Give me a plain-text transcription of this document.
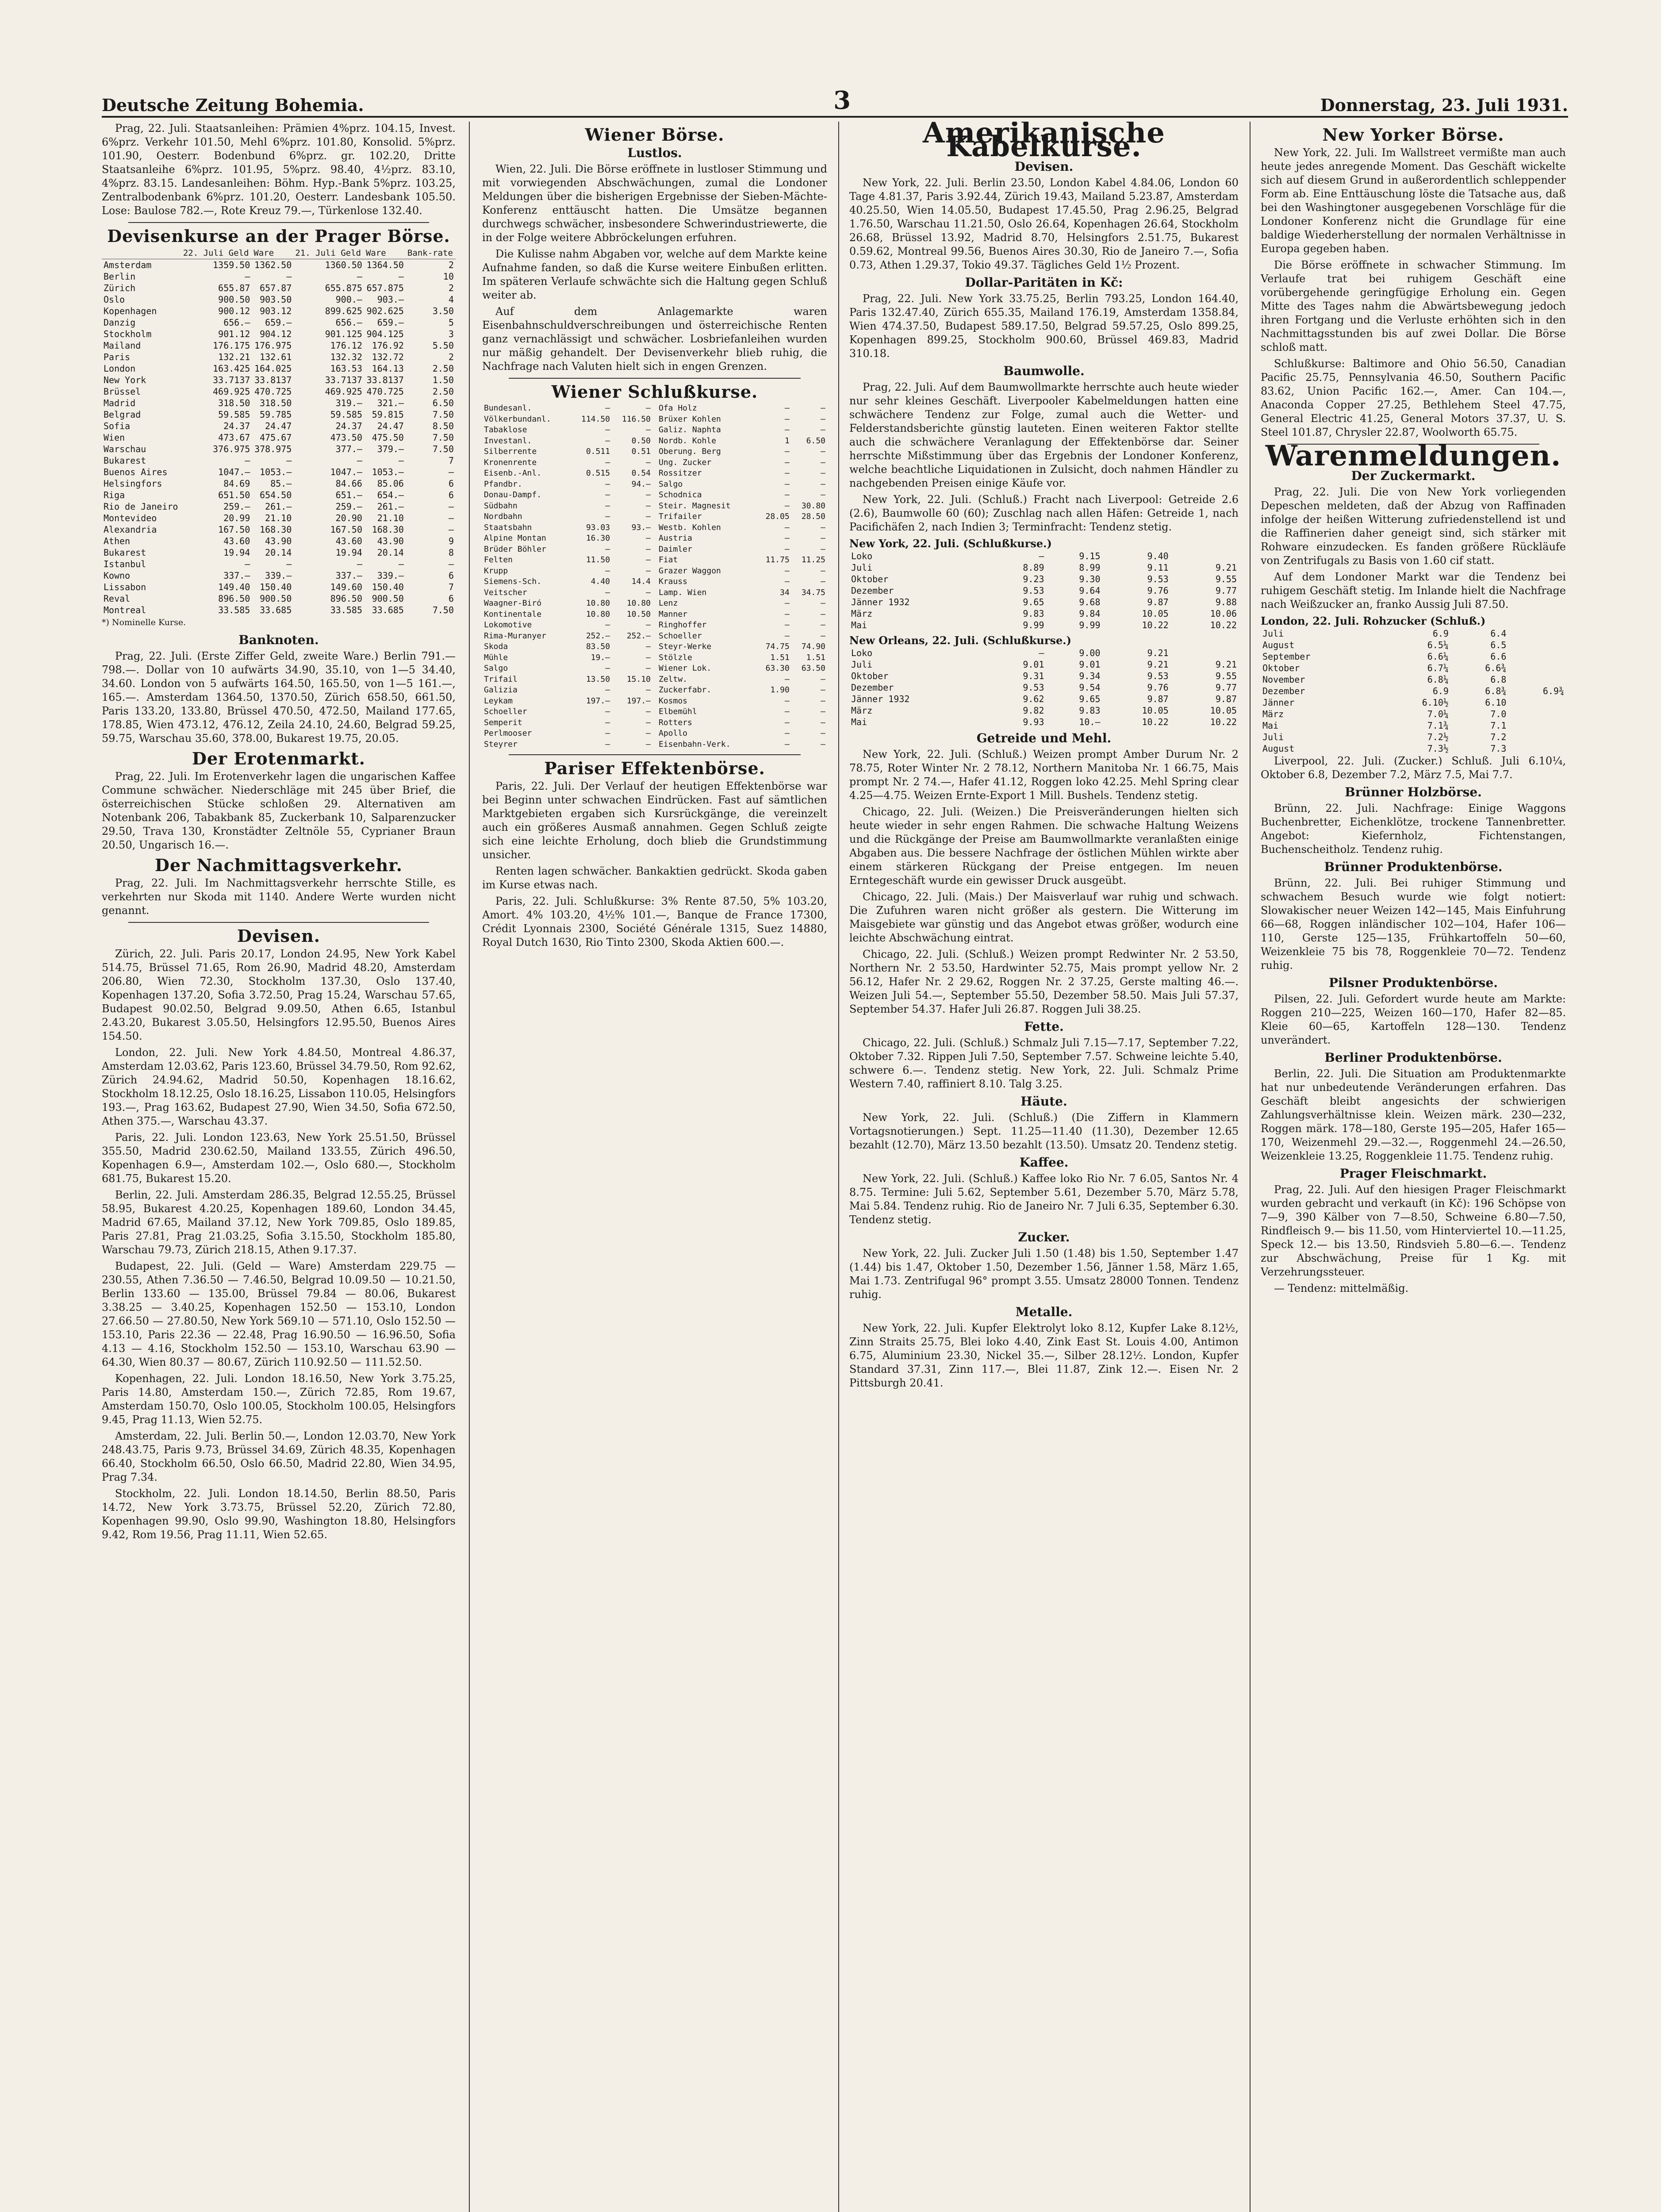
Deutsche Zeitung Bohemia.	3	Donnerstag, 23. Juli 1931.

Prag, 22. Juli. Staatsanleihen: Prämien 4%prz. 104.15, Invest. 6%prz. Verkehr 101.50, Mehl 6%prz. 101.80, Konsolid. 5%prz. 101.90, Oesterr. Bodenbund 6%prz. gr. 102.20, Dritte Staatsanleihe 6%prz. 101.95, 5%prz. 98.40, 4½prz. 83.10, 4%prz. 83.15. Landesanleihen: Böhm. Hyp.-Bank 5%prz. 103.25, Zentralbodenbank 6%prz. 101.20, Oesterr. Landesbank 105.50. Lose: Baulose 782.—, Rote Kreuz 79.—, Türkenlose 132.40.

Devisenkurse an der Prager Börse.
	22. Juli Geld	Ware	21. Juli Geld	Ware	Bank-rate
Amsterdam	1359.50	1362.50	1360.50	1364.50	2
Berlin	—	—	—	—	10
Zürich	655.87	657.87	655.875	657.875	2
Oslo	900.50	903.50	900.—	903.—	4
Kopenhagen	900.12	903.12	899.625	902.625	3.50
Danzig	656.—	659.—	656.—	659.—	5
Stockholm	901.12	904.12	901.125	904.125	3
Mailand	176.175	176.975	176.12	176.92	5.50
Paris	132.21	132.61	132.32	132.72	2
London	163.425	164.025	163.53	164.13	2.50
New York	33.7137	33.8137	33.7137	33.8137	1.50
Brüssel	469.925	470.725	469.925	470.725	2.50
Madrid	318.50	318.50	319.—	321.—	6.50
Belgrad	59.585	59.785	59.585	59.815	7.50
Sofia	24.37	24.47	24.37	24.47	8.50
Wien	473.67	475.67	473.50	475.50	7.50
Warschau	376.975	378.975	377.—	379.—	7.50
Bukarest	—	—	—	—	7
Buenos Aires	1047.—	1053.—	1047.—	1053.—	—
Helsingfors	84.69	85.—	84.66	85.06	6
Riga	651.50	654.50	651.—	654.—	6
Rio de Janeiro	259.—	261.—	259.—	261.—	—
Montevideo	20.99	21.10	20.90	21.10	—
Alexandria	167.50	168.30	167.50	168.30	—
Athen	43.60	43.90	43.60	43.90	9
Bukarest	19.94	20.14	19.94	20.14	8
Istanbul	—	—	—	—	—
Kowno	337.—	339.—	337.—	339.—	6
Lissabon	149.40	150.40	149.60	150.40	7
Reval	896.50	900.50	896.50	900.50	6
Montreal	33.585	33.685	33.585	33.685	7.50
*) Nominelle Kurse.
Banknoten.

Prag, 22. Juli. (Erste Ziffer Geld, zweite Ware.) Berlin 791.— 798.—. Dollar von 10 aufwärts 34.90, 35.10, von 1—5 34.40, 34.60. London von 5 aufwärts 164.50, 165.50, von 1—5 161.—, 165.—. Amsterdam 1364.50, 1370.50, Zürich 658.50, 661.50, Paris 133.20, 133.80, Brüssel 470.50, 472.50, Mailand 177.65, 178.85, Wien 473.12, 476.12, Zeila 24.10, 24.60, Belgrad 59.25, 59.75, Warschau 35.60, 378.00, Bukarest 19.75, 20.05.

Der Erotenmarkt.

Prag, 22. Juli. Im Erotenverkehr lagen die ungarischen Kaffee Commune schwächer. Niederschläge mit 245 über Brief, die österreichischen Stücke schloßen 29. Alternativen am Notenbank 206, Tabakbank 85, Zuckerbank 10, Salparenzucker 29.50, Trava 130, Kronstädter Zeltnöle 55, Cyprianer Braun 20.50, Ungarisch 16.—.

Der Nachmittagsverkehr.

Prag, 22. Juli. Im Nachmittagsverkehr herrschte Stille, es verkehrten nur Skoda mit 1140. Andere Werte wurden nicht genannt.

Devisen.

Zürich, 22. Juli. Paris 20.17, London 24.95, New York Kabel 514.75, Brüssel 71.65, Rom 26.90, Madrid 48.20, Amsterdam 206.80, Wien 72.30, Stockholm 137.30, Oslo 137.40, Kopenhagen 137.20, Sofia 3.72.50, Prag 15.24, Warschau 57.65, Budapest 90.02.50, Belgrad 9.09.50, Athen 6.65, Istanbul 2.43.20, Bukarest 3.05.50, Helsingfors 12.95.50, Buenos Aires 154.50.

London, 22. Juli. New York 4.84.50, Montreal 4.86.37, Amsterdam 12.03.62, Paris 123.60, Brüssel 34.79.50, Rom 92.62, Zürich 24.94.62, Madrid 50.50, Kopenhagen 18.16.62, Stockholm 18.12.25, Oslo 18.16.25, Lissabon 110.05, Helsingfors 193.—, Prag 163.62, Budapest 27.90, Wien 34.50, Sofia 672.50, Athen 375.—, Warschau 43.37.

Paris, 22. Juli. London 123.63, New York 25.51.50, Brüssel 355.50, Madrid 230.62.50, Mailand 133.55, Zürich 496.50, Kopenhagen 6.9—, Amsterdam 102.—, Oslo 680.—, Stockholm 681.75, Bukarest 15.20.

Berlin, 22. Juli. Amsterdam 286.35, Belgrad 12.55.25, Brüssel 58.95, Bukarest 4.20.25, Kopenhagen 189.60, London 34.45, Madrid 67.65, Mailand 37.12, New York 709.85, Oslo 189.85, Paris 27.81, Prag 21.03.25, Sofia 3.15.50, Stockholm 185.80, Warschau 79.73, Zürich 218.15, Athen 9.17.37.

Budapest, 22. Juli. (Geld — Ware) Amsterdam 229.75 — 230.55, Athen 7.36.50 — 7.46.50, Belgrad 10.09.50 — 10.21.50, Berlin 133.60 — 135.00, Brüssel 79.84 — 80.06, Bukarest 3.38.25 — 3.40.25, Kopenhagen 152.50 — 153.10, London 27.66.50 — 27.80.50, New York 569.10 — 571.10, Oslo 152.50 — 153.10, Paris 22.36 — 22.48, Prag 16.90.50 — 16.96.50, Sofia 4.13 — 4.16, Stockholm 152.50 — 153.10, Warschau 63.90 — 64.30, Wien 80.37 — 80.67, Zürich 110.92.50 — 111.52.50.

Kopenhagen, 22. Juli. London 18.16.50, New York 3.75.25, Paris 14.80, Amsterdam 150.—, Zürich 72.85, Rom 19.67, Amsterdam 150.70, Oslo 100.05, Stockholm 100.05, Helsingfors 9.45, Prag 11.13, Wien 52.75.

Amsterdam, 22. Juli. Berlin 50.—, London 12.03.70, New York 248.43.75, Paris 9.73, Brüssel 34.69, Zürich 48.35, Kopenhagen 66.40, Stockholm 66.50, Oslo 66.50, Madrid 22.80, Wien 34.95, Prag 7.34.

Stockholm, 22. Juli. London 18.14.50, Berlin 88.50, Paris 14.72, New York 3.73.75, Brüssel 52.20, Zürich 72.80, Kopenhagen 99.90, Oslo 99.90, Washington 18.80, Helsingfors 9.42, Rom 19.56, Prag 11.11, Wien 52.65.

Wiener Börse.
Lustlos.

Wien, 22. Juli. Die Börse eröffnete in lustloser Stimmung und mit vorwiegenden Abschwächungen, zumal die Londoner Meldungen über die bisherigen Ergebnisse der Sieben-Mächte-Konferenz enttäuscht hatten. Die Umsätze begannen durchwegs schwächer, insbesondere Schwerindustriewerte, die in der Folge weitere Abbröckelungen erfuhren.

Die Kulisse nahm Abgaben vor, welche auf dem Markte keine Aufnahme fanden, so daß die Kurse weitere Einbußen erlitten. Im späteren Verlaufe schwächte sich die Haltung gegen Schluß weiter ab.

Auf dem Anlagemarkte waren Eisenbahnschuldverschreibungen und österreichische Renten ganz vernachlässigt und schwächer. Losbriefanleihen wurden nur mäßig gehandelt. Der Devisenverkehr blieb ruhig, die Nachfrage nach Valuten hielt sich in engen Grenzen.

Wiener Schlußkurse.
Bundesanl.	—	—
Völkerbundanl.	114.50	116.50
Tabaklose	—	—
Investanl.	—	0.50
Silberrente	0.511	0.51
Kronenrente	—	—
Eisenb.-Anl.	0.515	0.54
Pfandbr.	—	94.—
Donau-Dampf.	—	—
Südbahn	—	—
Nordbahn	—	—
Staatsbahn	93.03	93.—
Alpine Montan	16.30	—
Brüder Böhler	—	—
Felten	11.50	—
Krupp	—	—
Siemens-Sch.	4.40	14.4
Veitscher	—	—
Waagner-Biró	10.80	10.80
Kontinentale	10.80	10.50
Lokomotive	—	—
Rima-Muranyer	252.—	252.—
Skoda	83.50	—
Mühle	19.—	—
Salgo	—	—
Trifail	13.50	15.10
Galizia	—	—
Leykam	197.—	197.—
Schoeller	—	—
Semperit	—	—
Perlmooser	—	—
Steyrer	—	—
Ofa Holz	—	—
Brüxer Kohlen	—	—
Galiz. Naphta	—	—
Nordb. Kohle	1	6.50
Oberung. Berg	—	—
Ung. Zucker	—	—
Rossitzer	—	—
Salgo	—	—
Schodnica	—	—
Steir. Magnesit	—	30.80
Trifailer	28.05	28.50
Westb. Kohlen	—	—
Austria	—	—
Daimler	—	—
Fiat	11.75	11.25
Grazer Waggon	—	—
Krauss	—	—
Lamp. Wien	34	34.75
Lenz	—	—
Manner	—	—
Ringhoffer	—	—
Schoeller	—	—
Steyr-Werke	74.75	74.90
Stölzle	1.51	1.51
Wiener Lok.	63.30	63.50
Zeltw.	—	—
Zuckerfabr.	1.90	—
Kosmos	—	—
Elbemühl	—	—
Rotters	—	—
Apollo	—	—
Eisenbahn-Verk.	—	—
Pariser Effektenbörse.

Paris, 22. Juli. Der Verlauf der heutigen Effektenbörse war bei Beginn unter schwachen Eindrücken. Fast auf sämtlichen Marktgebieten ergaben sich Kursrückgänge, die vereinzelt auch ein größeres Ausmaß annahmen. Gegen Schluß zeigte sich eine leichte Erholung, doch blieb die Grundstimmung unsicher.

Renten lagen schwächer. Bankaktien gedrückt. Skoda gaben im Kurse etwas nach.

Paris, 22. Juli. Schlußkurse: 3% Rente 87.50, 5% 103.20, Amort. 4% 103.20, 4½% 101.—, Banque de France 17300, Crédit Lyonnais 2300, Société Générale 1315, Suez 14880, Royal Dutch 1630, Rio Tinto 2300, Skoda Aktien 600.—.

Amerikanische Kabelkurse.
Devisen.

New York, 22. Juli. Berlin 23.50, London Kabel 4.84.06, London 60 Tage 4.81.37, Paris 3.92.44, Zürich 19.43, Mailand 5.23.87, Amsterdam 40.25.50, Wien 14.05.50, Budapest 17.45.50, Prag 2.96.25, Belgrad 1.76.50, Warschau 11.21.50, Oslo 26.64, Kopenhagen 26.64, Stockholm 26.68, Brüssel 13.92, Madrid 8.70, Helsingfors 2.51.75, Bukarest 0.59.62, Montreal 99.56, Buenos Aires 30.30, Rio de Janeiro 7.—, Sofia 0.73, Athen 1.29.37, Tokio 49.37. Tägliches Geld 1½ Prozent.

Dollar-Paritäten in Kč:

Prag, 22. Juli. New York 33.75.25, Berlin 793.25, London 164.40, Paris 132.47.40, Zürich 655.35, Mailand 176.19, Amsterdam 1358.84, Wien 474.37.50, Budapest 589.17.50, Belgrad 59.57.25, Oslo 899.25, Kopenhagen 899.25, Stockholm 900.60, Brüssel 469.83, Madrid 310.18.

Baumwolle.

Prag, 22. Juli. Auf dem Baumwollmarkte herrschte auch heute wieder nur sehr kleines Geschäft. Liverpooler Kabelmeldungen hatten eine schwächere Tendenz zur Folge, zumal auch die Wetter- und Felderstandsberichte günstig lauteten. Einen weiteren Faktor stellte auch die schwächere Veranlagung der Effektenbörse dar. Seiner herrschte Mißstimmung über das Ergebnis der Londoner Konferenz, welche beachtliche Liquidationen in Zulsicht, doch nahmen Händler zu nachgebenden Preisen einige Käufe vor.

New York, 22. Juli. (Schluß.) Fracht nach Liverpool: Getreide 2.6 (2.6), Baumwolle 60 (60); Zuschlag nach allen Häfen: Getreide 1, nach Pacifichäfen 2, nach Indien 3; Terminfracht: Tendenz stetig.

New York, 22. Juli. (Schlußkurse.)
Loko	—	9.15	9.40	
Juli	8.89	8.99	9.11	9.21
Oktober	9.23	9.30	9.53	9.55
Dezember	9.53	9.64	9.76	9.77
Jänner 1932	9.65	9.68	9.87	9.88
März	9.83	9.84	10.05	10.06
Mai	9.99	9.99	10.22	10.22
New Orleans, 22. Juli. (Schlußkurse.)
Loko	—	9.00	9.21	
Juli	9.01	9.01	9.21	9.21
Oktober	9.31	9.34	9.53	9.55
Dezember	9.53	9.54	9.76	9.77
Jänner 1932	9.62	9.65	9.87	9.87
März	9.82	9.83	10.05	10.05
Mai	9.93	10.—	10.22	10.22
Getreide und Mehl.

New York, 22. Juli. (Schluß.) Weizen prompt Amber Durum Nr. 2 78.75, Roter Winter Nr. 2 78.12, Northern Manitoba Nr. 1 66.75, Mais prompt Nr. 2 74.—, Hafer 41.12, Roggen loko 42.25. Mehl Spring clear 4.25—4.75. Weizen Ernte-Export 1 Mill. Bushels. Tendenz stetig.

Chicago, 22. Juli. (Weizen.) Die Preisveränderungen hielten sich heute wieder in sehr engen Rahmen. Die schwache Haltung Weizens und die Rückgänge der Preise am Baumwollmarkte veranlaßten einige Abgaben aus. Die bessere Nachfrage der östlichen Mühlen wirkte aber einem stärkeren Rückgang der Preise entgegen. Im neuen Erntegeschäft wurde ein gewisser Druck ausgeübt.

Chicago, 22. Juli. (Mais.) Der Maisverlauf war ruhig und schwach. Die Zufuhren waren nicht größer als gestern. Die Witterung im Maisgebiete war günstig und das Angebot etwas größer, wodurch eine leichte Abschwächung eintrat.

Chicago, 22. Juli. (Schluß.) Weizen prompt Redwinter Nr. 2 53.50, Northern Nr. 2 53.50, Hardwinter 52.75, Mais prompt yellow Nr. 2 56.12, Hafer Nr. 2 29.62, Roggen Nr. 2 37.25, Gerste malting 46.—. Weizen Juli 54.—, September 55.50, Dezember 58.50. Mais Juli 57.37, September 54.37. Hafer Juli 26.87. Roggen Juli 38.25.

Fette.

Chicago, 22. Juli. (Schluß.) Schmalz Juli 7.15—7.17, September 7.22, Oktober 7.32. Rippen Juli 7.50, September 7.57. Schweine leichte 5.40, schwere 6.—. Tendenz stetig. New York, 22. Juli. Schmalz Prime Western 7.40, raffiniert 8.10. Talg 3.25.

Häute.

New York, 22. Juli. (Schluß.) (Die Ziffern in Klammern Vortagsnotierungen.) Sept. 11.25—11.40 (11.30), Dezember 12.65 bezahlt (12.70), März 13.50 bezahlt (13.50). Umsatz 20. Tendenz stetig.

Kaffee.

New York, 22. Juli. (Schluß.) Kaffee loko Rio Nr. 7 6.05, Santos Nr. 4 8.75. Termine: Juli 5.62, September 5.61, Dezember 5.70, März 5.78, Mai 5.84. Tendenz ruhig. Rio de Janeiro Nr. 7 Juli 6.35, September 6.30. Tendenz stetig.

Zucker.

New York, 22. Juli. Zucker Juli 1.50 (1.48) bis 1.50, September 1.47 (1.44) bis 1.47, Oktober 1.50, Dezember 1.56, Jänner 1.58, März 1.65, Mai 1.73. Zentrifugal 96° prompt 3.55. Umsatz 28000 Tonnen. Tendenz ruhig.

Metalle.

New York, 22. Juli. Kupfer Elektrolyt loko 8.12, Kupfer Lake 8.12½, Zinn Straits 25.75, Blei loko 4.40, Zink East St. Louis 4.00, Antimon 6.75, Aluminium 23.30, Nickel 35.—, Silber 28.12½. London, Kupfer Standard 37.31, Zinn 117.—, Blei 11.87, Zink 12.—. Eisen Nr. 2 Pittsburgh 20.41.

New Yorker Börse.

New York, 22. Juli. Im Wallstreet vermißte man auch heute jedes anregende Moment. Das Geschäft wickelte sich auf diesem Grund in außerordentlich schleppender Form ab. Eine Enttäuschung löste die Tatsache aus, daß bei den Washingtoner ausgegebenen Vorschläge für die Londoner Konferenz nicht die Grundlage für eine baldige Wiederherstellung der normalen Verhältnisse in Europa gegeben haben.

Die Börse eröffnete in schwacher Stimmung. Im Verlaufe trat bei ruhigem Geschäft eine vorübergehende geringfügige Erholung ein. Gegen Mitte des Tages nahm die Abwärtsbewegung jedoch ihren Fortgang und die Verluste erhöhten sich in den Nachmittagsstunden bis auf zwei Dollar. Die Börse schloß matt.

Schlußkurse: Baltimore and Ohio 56.50, Canadian Pacific 25.75, Pennsylvania 46.50, Southern Pacific 83.62, Union Pacific 162.—, Amer. Can 104.—, Anaconda Copper 27.25, Bethlehem Steel 47.75, General Electric 41.25, General Motors 37.37, U. S. Steel 101.87, Chrysler 22.87, Woolworth 65.75.

Warenmeldungen.
Der Zuckermarkt.

Prag, 22. Juli. Die von New York vorliegenden Depeschen meldeten, daß der Abzug von Raffinaden infolge der heißen Witterung zufriedenstellend ist und die Raffinerien daher geneigt sind, sich stärker mit Rohware einzudecken. Es fanden größere Rückläufe von Zentrifugals zu Basis von 1.60 cif statt.

Auf dem Londoner Markt war die Tendenz bei ruhigem Geschäft stetig. Im Inlande hielt die Nachfrage nach Weißzucker an, franko Aussig Juli 87.50.

London, 22. Juli. Rohzucker (Schluß.)
Juli	6.9	6.4	
August	6.5¼	6.5	
September	6.6¼	6.6	
Oktober	6.7¼	6.6¾	
November	6.8¼	6.8	
Dezember	6.9	6.8¾	6.9¾
Jänner	6.10½	6.10	
März	7.0¼	7.0	
Mai	7.1¾	7.1	
Juli	7.2½	7.2	
August	7.3½	7.3	

Liverpool, 22. Juli. (Zucker.) Schluß. Juli 6.10¼, Oktober 6.8, Dezember 7.2, März 7.5, Mai 7.7.

Brünner Holzbörse.

Brünn, 22. Juli. Nachfrage: Einige Waggons Buchenbretter, Eichenklötze, trockene Tannenbretter. Angebot: Kiefernholz, Fichtenstangen, Buchenscheitholz. Tendenz ruhig.

Brünner Produktenbörse.

Brünn, 22. Juli. Bei ruhiger Stimmung und schwachem Besuch wurde wie folgt notiert: Slowakischer neuer Weizen 142—145, Mais Einfuhrung 66—68, Roggen inländischer 102—104, Hafer 106—110, Gerste 125—135, Frühkartoffeln 50—60, Weizenkleie 75 bis 78, Roggenkleie 70—72. Tendenz ruhig.

Pilsner Produktenbörse.

Pilsen, 22. Juli. Gefordert wurde heute am Markte: Roggen 210—225, Weizen 160—170, Hafer 82—85. Kleie 60—65, Kartoffeln 128—130. Tendenz unverändert.

Berliner Produktenbörse.

Berlin, 22. Juli. Die Situation am Produktenmarkte hat nur unbedeutende Veränderungen erfahren. Das Geschäft bleibt angesichts der schwierigen Zahlungsverhältnisse klein. Weizen märk. 230—232, Roggen märk. 178—180, Gerste 195—205, Hafer 165—170, Weizenmehl 29.—32.—, Roggenmehl 24.—26.50, Weizenkleie 13.25, Roggenkleie 11.75. Tendenz ruhig.

Prager Fleischmarkt.

Prag, 22. Juli. Auf den hiesigen Prager Fleischmarkt wurden gebracht und verkauft (in Kč): 196 Schöpse von 7—9, 390 Kälber von 7—8.50, Schweine 6.80—7.50, Rindfleisch 9.— bis 11.50, vom Hinterviertel 10.—11.25, Speck 12.— bis 13.50, Rindsvieh 5.80—6.—. Tendenz zur Abschwächung, Preise für 1 Kg. mit Verzehrungssteuer.

— Tendenz: mittelmäßig.
